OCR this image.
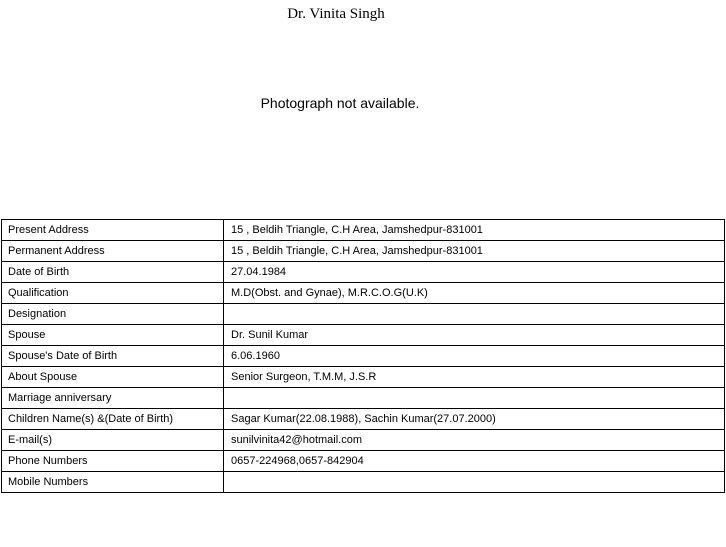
Dr. Vinita Singh
Photograph not available.
Present Address	15 , Beldih Triangle, C.H Area, Jamshedpur-831001
Permanent Address	15 , Beldih Triangle, C.H Area, Jamshedpur-831001
Date of Birth	27.04.1984
Qualification	M.D(Obst. and Gynae), M.R.C.O.G(U.K)
Designation	
Spouse	Dr. Sunil Kumar
Spouse's Date of Birth	6.06.1960
About Spouse	Senior Surgeon, T.M.M, J.S.R
Marriage anniversary	
Children Name(s) &(Date of Birth)	Sagar Kumar(22.08.1988), Sachin Kumar(27.07.2000)
E-mail(s)	sunilvinita42@hotmail.com
Phone Numbers	0657-224968,0657-842904
Mobile Numbers	
